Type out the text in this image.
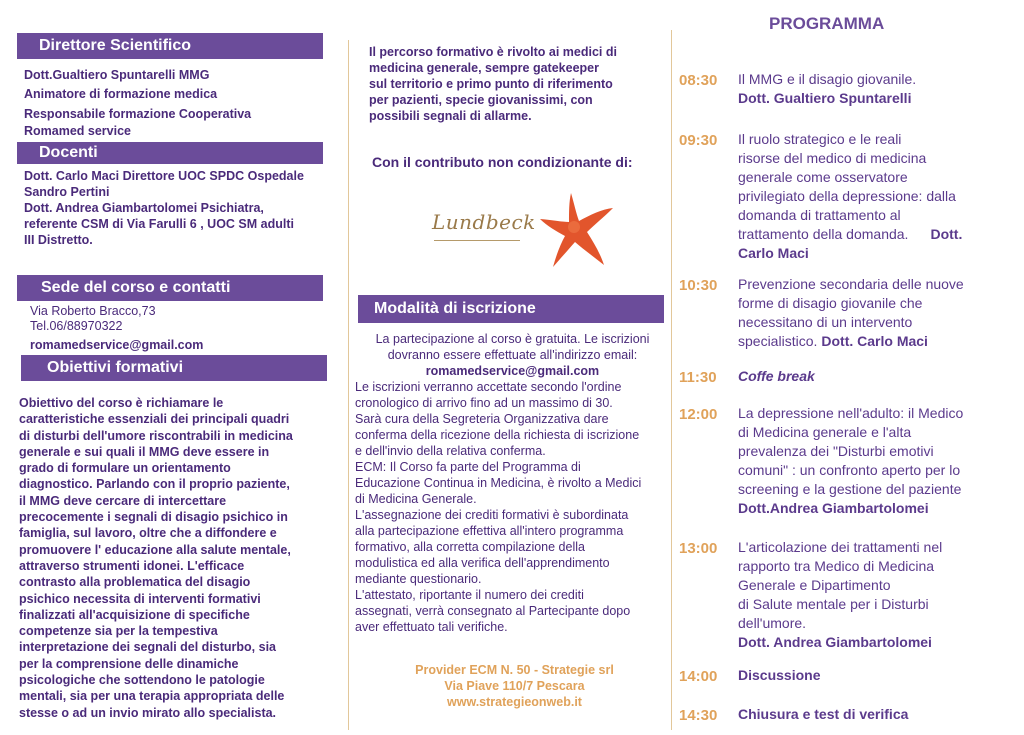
Direttore Scientifico
Dott.Gualtiero Spuntarelli MMG
Animatore di formazione medica
Responsabile formazione Cooperativa
Romamed service
Docenti
Dott. Carlo Maci Direttore UOC SPDC Ospedale
Sandro Pertini
Dott. Andrea Giambartolomei Psichiatra,
referente CSM di Via Farulli 6 , UOC SM adulti
III Distretto.
Sede del corso e contatti
Via Roberto Bracco,73
Tel.06/88970322
romamedservice@gmail.com
Obiettivi formativi
Obiettivo del corso è richiamare le
caratteristiche essenziali dei principali quadri
di disturbi dell'umore riscontrabili in medicina
generale e sui quali il MMG deve essere in
grado di formulare un orientamento
diagnostico. Parlando con il proprio paziente,
il MMG deve cercare di intercettare
precocemente i segnali di disagio psichico in
famiglia, sul lavoro, oltre che a diffondere e
promuovere l' educazione alla salute mentale,
attraverso strumenti idonei. L'efficace
contrasto alla problematica del disagio
psichico necessita di interventi formativi
finalizzati all'acquisizione di specifiche
competenze sia per la tempestiva
interpretazione dei segnali del disturbo, sia
per la comprensione delle dinamiche
psicologiche che sottendono le patologie
mentali, sia per una terapia appropriata delle
stesse o ad un invio mirato allo specialista.
Il percorso formativo è rivolto ai medici di
medicina generale, sempre gatekeeper
sul territorio e primo punto di riferimento
per pazienti, specie giovanissimi, con
possibili segnali di allarme.
Con il contributo non condizionante di:
Lundbeck
Modalità di iscrizione
La partecipazione al corso è gratuita. Le iscrizioni
dovranno essere effettuate all'indirizzo email:
romamedservice@gmail.com
Le iscrizioni verranno accettate secondo l'ordine
cronologico di arrivo fino ad un massimo di 30.
Sarà cura della Segreteria Organizzativa dare
conferma della ricezione della richiesta di iscrizione
e dell'invio della relativa conferma.
ECM: Il Corso fa parte del Programma di
Educazione Continua in Medicina, è rivolto a Medici
di Medicina Generale.
L'assegnazione dei crediti formativi è subordinata
alla partecipazione effettiva all'intero programma
formativo, alla corretta compilazione della
modulistica ed alla verifica dell'apprendimento
mediante questionario.
L'attestato, riportante il numero dei crediti
assegnati, verrà consegnato al Partecipante dopo
aver effettuato tali verifiche.
Provider ECM N. 50 - Strategie srl
Via Piave 110/7 Pescara
www.strategieonweb.it
PROGRAMMA
08:30 Il MMG e il disagio giovanile.
Dott. Gualtiero Spuntarelli
09:30 Il ruolo strategico e le reali
risorse del medico di medicina
generale come osservatore
privilegiato della depressione: dalla
domanda di trattamento al
trattamento della domanda. Dott.
Carlo Maci
10:30 Prevenzione secondaria delle nuove
forme di disagio giovanile che
necessitano di un intervento
specialistico. Dott. Carlo Maci
11:30 Coffe break
12:00 La depressione nell'adulto: il Medico
di Medicina generale e l'alta
prevalenza dei "Disturbi emotivi
comuni" : un confronto aperto per lo
screening e la gestione del paziente
Dott.Andrea Giambartolomei
13:00 L'articolazione dei trattamenti nel
rapporto tra Medico di Medicina
Generale e Dipartimento
di Salute mentale per i Disturbi
dell'umore.
Dott. Andrea Giambartolomei
14:00 Discussione
14:30 Chiusura e test di verifica
